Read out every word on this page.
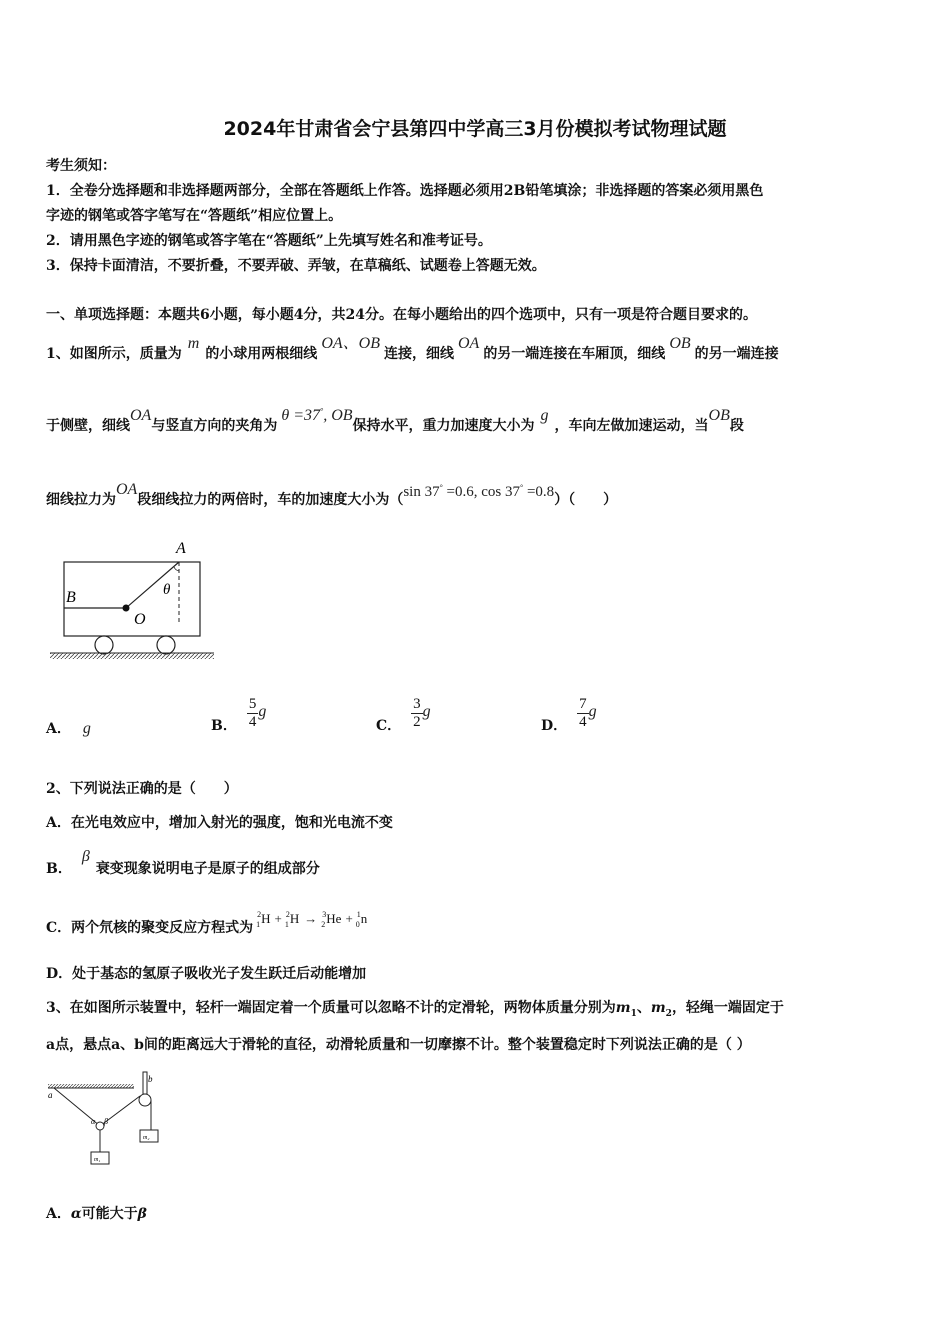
2024年甘肃省会宁县第四中学高三3月份模拟考试物理试题
考生须知：
1．全卷分选择题和非选择题两部分，全部在答题纸上作答。选择题必须用2B铅笔填涂；非选择题的答案必须用黑色
字迹的钢笔或答字笔写在“答题纸”相应位置上。
2．请用黑色字迹的钢笔或答字笔在“答题纸”上先填写姓名和准考证号。
3．保持卡面清洁，不要折叠，不要弄破、弄皱，在草稿纸、试题卷上答题无效。
一、单项选择题：本题共6小题，每小题4分，共24分。在每小题给出的四个选项中，只有一项是符合题目要求的。
1、如图所示，质量为m的小球用两根细线OA、OB连接，细线OA的另一端连接在车厢顶，细线OB的另一端连接
于侧壁，细线OA与竖直方向的夹角为θ =37°, OB保持水平，重力加速度大小为g，车向左做加速运动，当OB段
细线拉力为OA段细线拉力的两倍时，车的加速度大小为（sin 37° =0.6, cos 37° =0.8）（　　）
A
B
O
θ
A． g	B． $\frac{5}{4}$ g
C． $\frac{3}{2}$ g
D． $\frac{7}{4}$ g
2、下列说法正确的是（　　）
A．在光电效应中，增加入射光的强度，饱和光电流不变
B．β衰变现象说明电子是原子的组成部分
C．两个氘核的聚变反应方程式为$^2_1$H + $^2_1$H → $^3_2$He + $^1_0$n
D．处于基态的氢原子吸收光子发生跃迁后动能增加
3、在如图所示装置中，轻杆一端固定着一个质量可以忽略不计的定滑轮，两物体质量分别为$m_1$、$m_2$，轻绳一端固定于
a点，悬点a、b间的距离远大于滑轮的直径，动滑轮质量和一切摩擦不计。整个装置稳定时下列说法正确的是（ ）
a
b
α β
m₁
m₂
A．α可能大于β
